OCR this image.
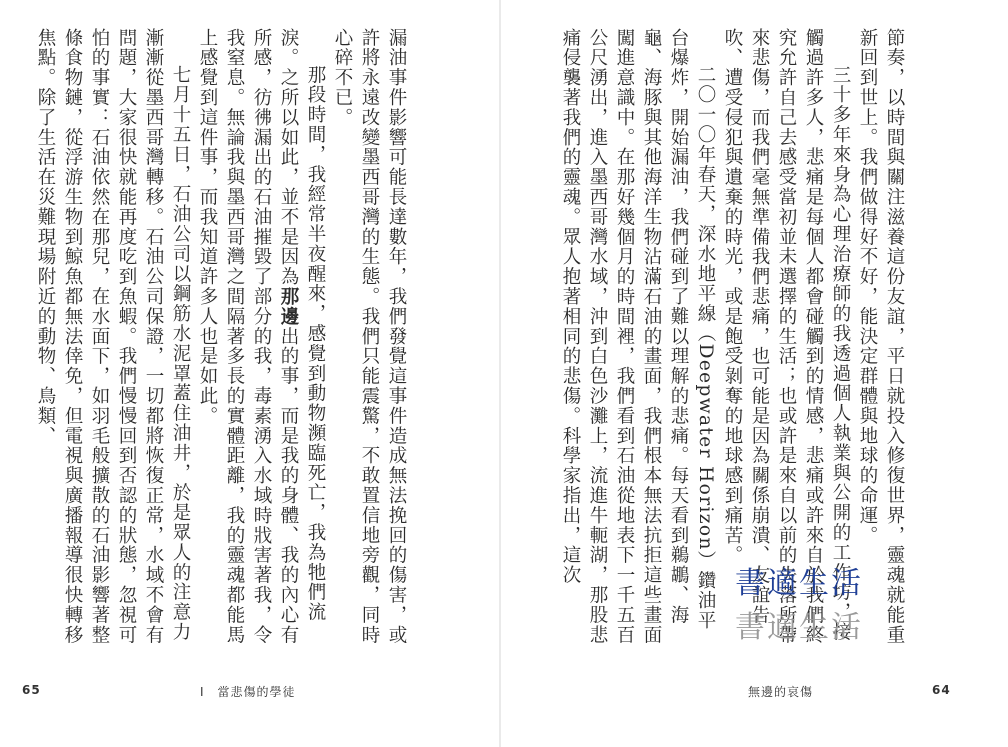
漏油事件影響可能長達數年，我們發覺這事件造成無法挽回的傷害，或許將永遠改變墨西哥灣的生態。我們只能震驚，不敢置信地旁觀，同時心碎不已。

那段時間，我經常半夜醒來，感覺到動物瀕臨死亡，我為牠們流淚。之所以如此，並不是因為那邊出的事，而是我的身體、我的內心有所感，彷彿漏出的石油摧毀了部分的我，毒素湧入水域時戕害著我，令我窒息。無論我與墨西哥灣之間隔著多長的實體距離，我的靈魂都能馬上感覺到這件事，而我知道許多人也是如此。

七月十五日，石油公司以鋼筋水泥罩蓋住油井，於是眾人的注意力漸漸從墨西哥灣轉移。石油公司保證，一切都將恢復正常，水域不會有問題，大家很快就能再度吃到魚蝦。我們慢慢回到否認的狀態，忽視可怕的事實：石油依然在那兒，在水面下，如羽毛般擴散的石油影響著整條食物鏈，從浮游生物到鯨魚都無法倖免，但電視與廣播報導很快轉移焦點。除了生活在災難現場附近的動物、鳥類、

65	I　當悲傷的學徒

節奏，以時間與關注滋養這份友誼，平日就投入修復世界，靈魂就能重新回到世上。我們做得好不好，能決定群體與地球的命運。

三十多年來身為心理治療師的我透過個人執業與公開的工作坊，接觸過許多人，悲痛是每個人都會碰觸到的情感，悲痛或許來自於我們終究允許自己去感受當初並未選擇的生活；也或許是來自以前的失落所帶來悲傷，而我們毫無準備我們悲痛，也可能是因為關係崩潰、友誼告吹、遭受侵犯與遺棄的時光，或是飽受剝奪的地球感到痛苦。

二〇一〇年春天，深水地平線（Deepwater Horizon）鑽油平台爆炸，開始漏油，我們碰到了難以理解的悲痛。每天看到鵜鶘、海龜、海豚與其他海洋生物沾滿石油的畫面，我們根本無法抗拒這些畫面闖進意識中。在那好幾個月的時間裡，我們看到石油從地表下一千五百公尺湧出，進入墨西哥灣水域，沖到白色沙灘上，流進牛軛湖，那股悲痛侵襲著我們的靈魂。眾人抱著相同的悲傷。科學家指出，這次

無邊的哀傷	64
書適生活
書適生活
